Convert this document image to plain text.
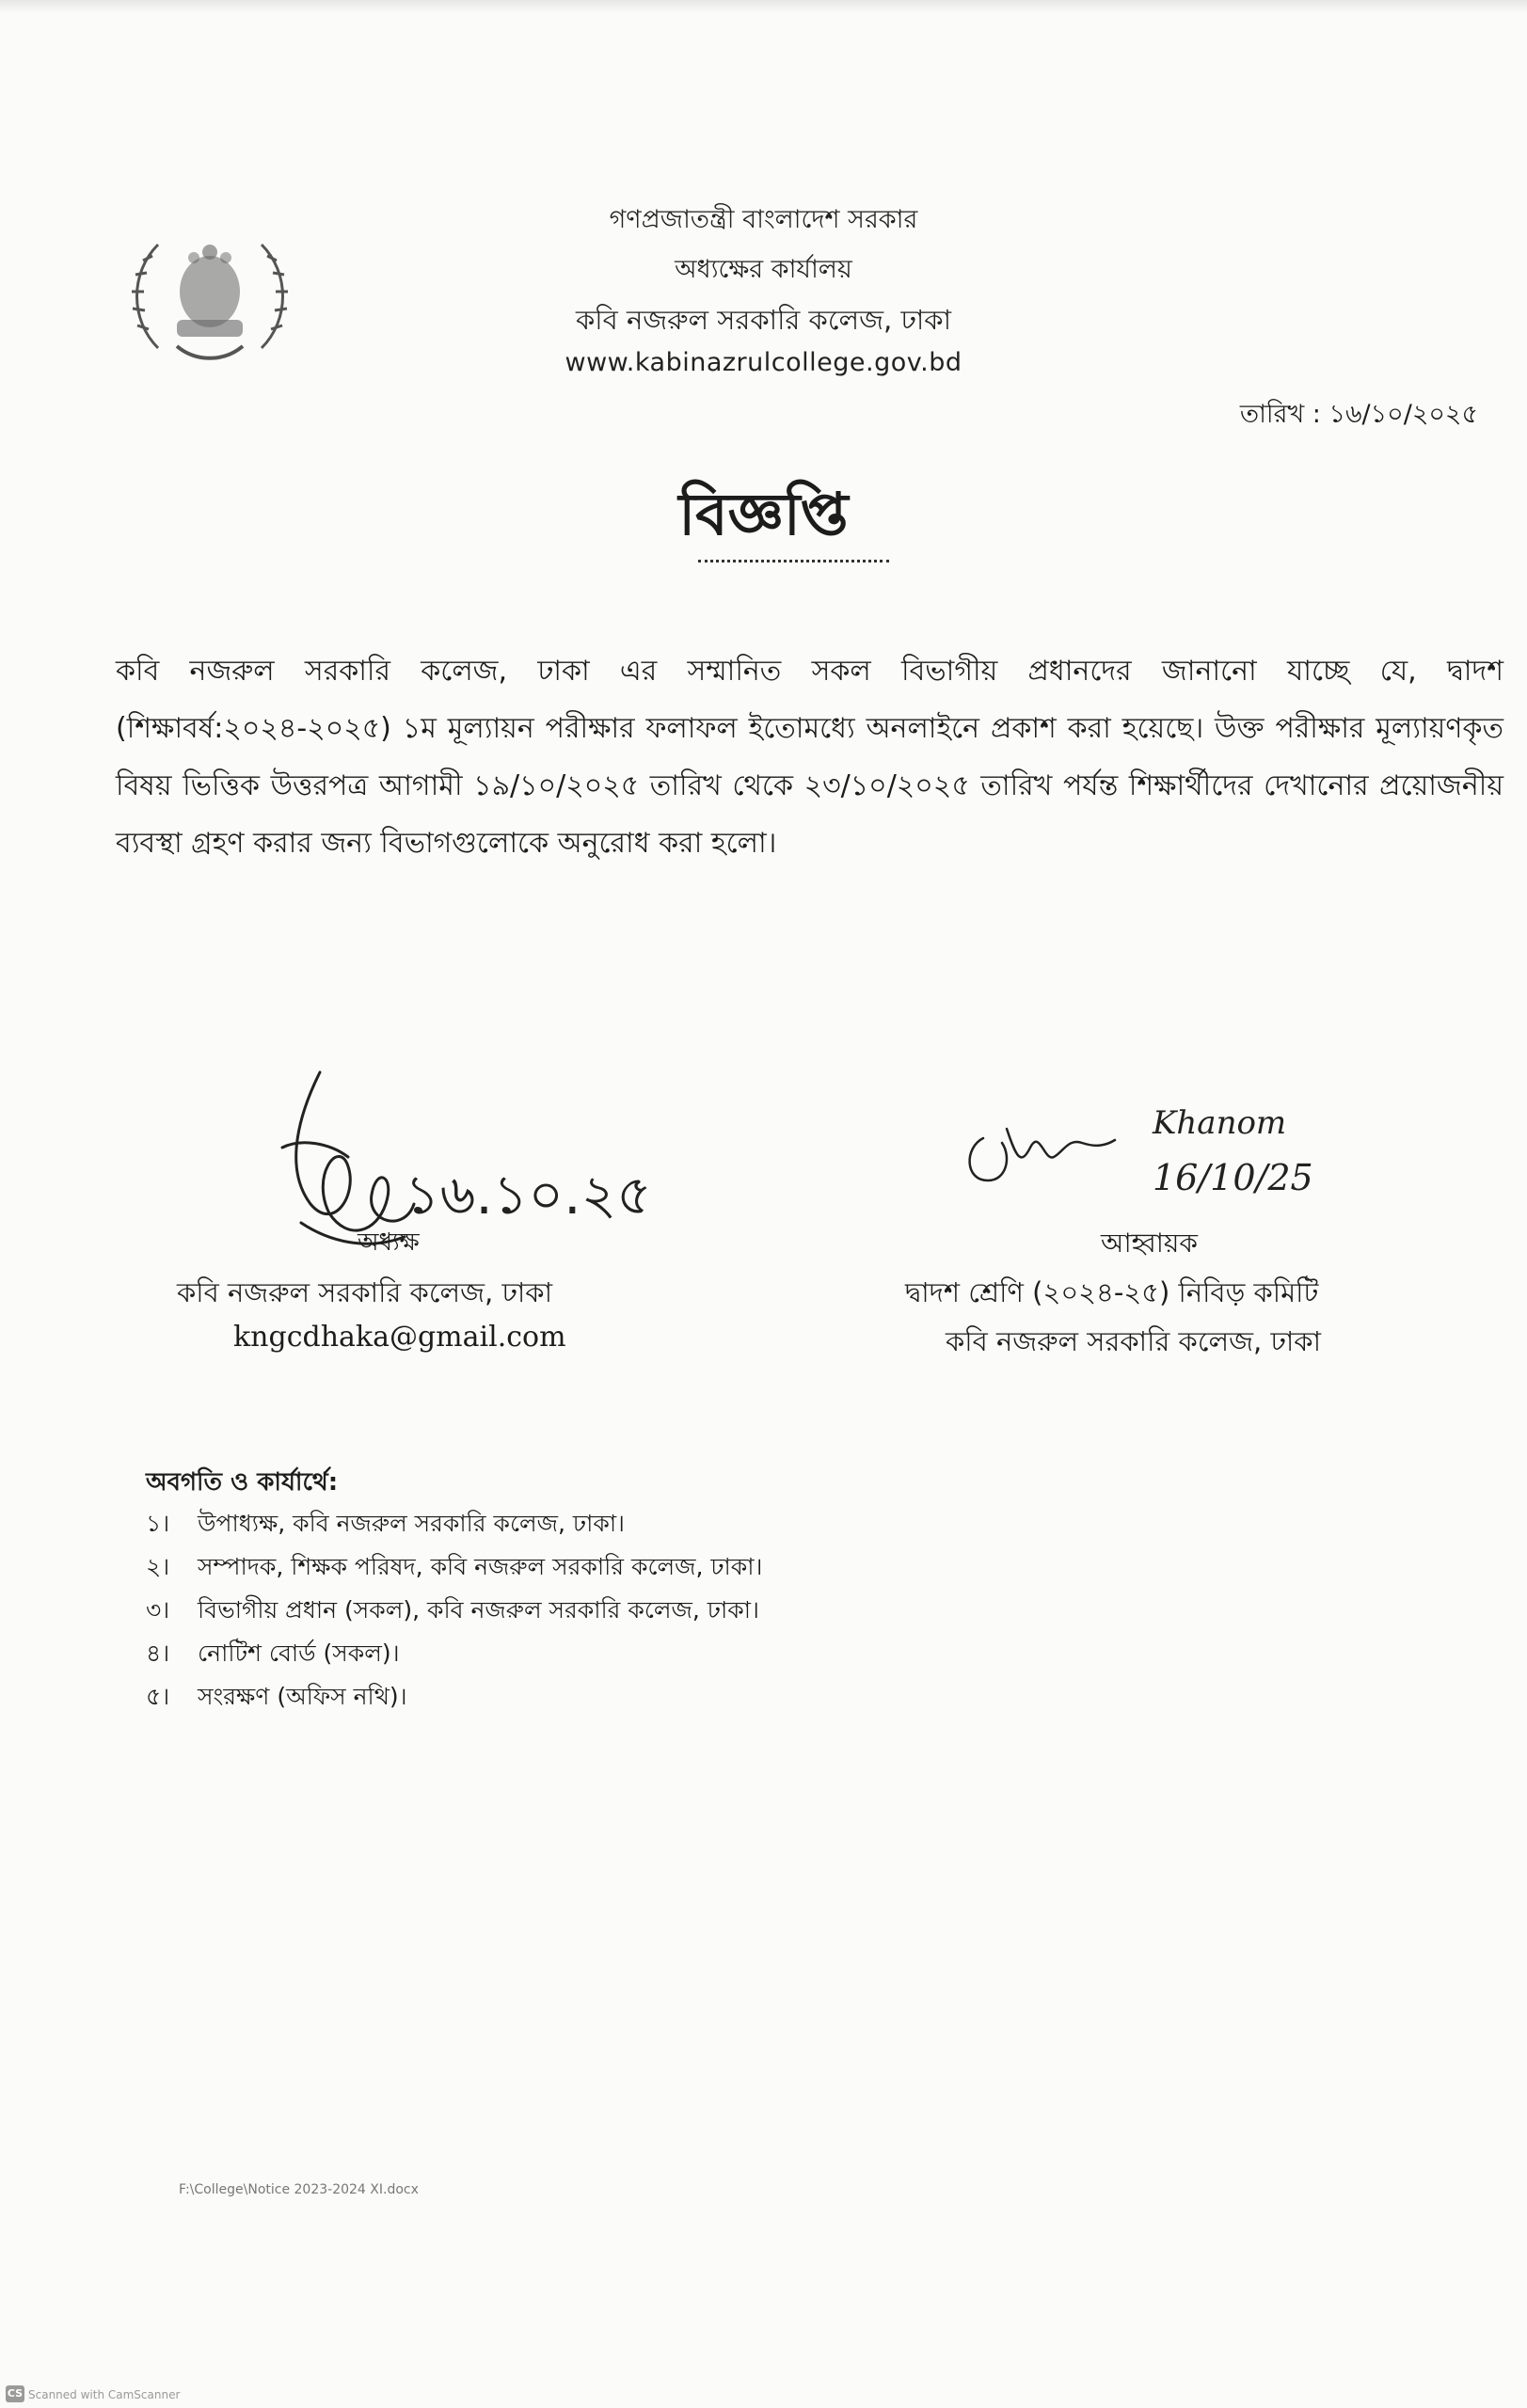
গণপ্রজাতন্ত্রী বাংলাদেশ সরকার
অধ্যক্ষের কার্যালয়
কবি নজরুল সরকারি কলেজ, ঢাকা
www.kabinazrulcollege.gov.bd
তারিখ : ১৬/১০/২০২৫
বিজ্ঞপ্তি
কবি নজরুল সরকারি কলেজ, ঢাকা এর সম্মানিত সকল বিভাগীয় প্রধানদের জানানো যাচ্ছে যে, দ্বাদশ (শিক্ষাবর্ষ:২০২৪-২০২৫) ১ম মূল্যায়ন পরীক্ষার ফলাফল ইতোমধ্যে অনলাইনে প্রকাশ করা হয়েছে। উক্ত পরীক্ষার মূল্যায়ণকৃত বিষয় ভিত্তিক উত্তরপত্র আগামী ১৯/১০/২০২৫ তারিখ থেকে ২৩/১০/২০২৫ তারিখ পর্যন্ত শিক্ষার্থীদের দেখানোর প্রয়োজনীয় ব্যবস্থা গ্রহণ করার জন্য বিভাগগুলোকে অনুরোধ করা হলো।
১৬.১০.২৫
অধ্যক্ষ
কবি নজরুল সরকারি কলেজ, ঢাকা
kngcdhaka@gmail.com
Khanom
16/10/25
আহ্বায়ক
দ্বাদশ শ্রেণি (২০২৪-২৫) নিবিড় কমিটি
কবি নজরুল সরকারি কলেজ, ঢাকা
অবগতি ও কার্যার্থে:
১।	উপাধ্যক্ষ, কবি নজরুল সরকারি কলেজ, ঢাকা।
২।	সম্পাদক, শিক্ষক পরিষদ, কবি নজরুল সরকারি কলেজ, ঢাকা।
৩।	বিভাগীয় প্রধান (সকল), কবি নজরুল সরকারি কলেজ, ঢাকা।
৪।	নোটিশ বোর্ড (সকল)।
৫।	সংরক্ষণ (অফিস নথি)।
F:\College\Notice 2023-2024 XI.docx
CS Scanned with CamScanner
